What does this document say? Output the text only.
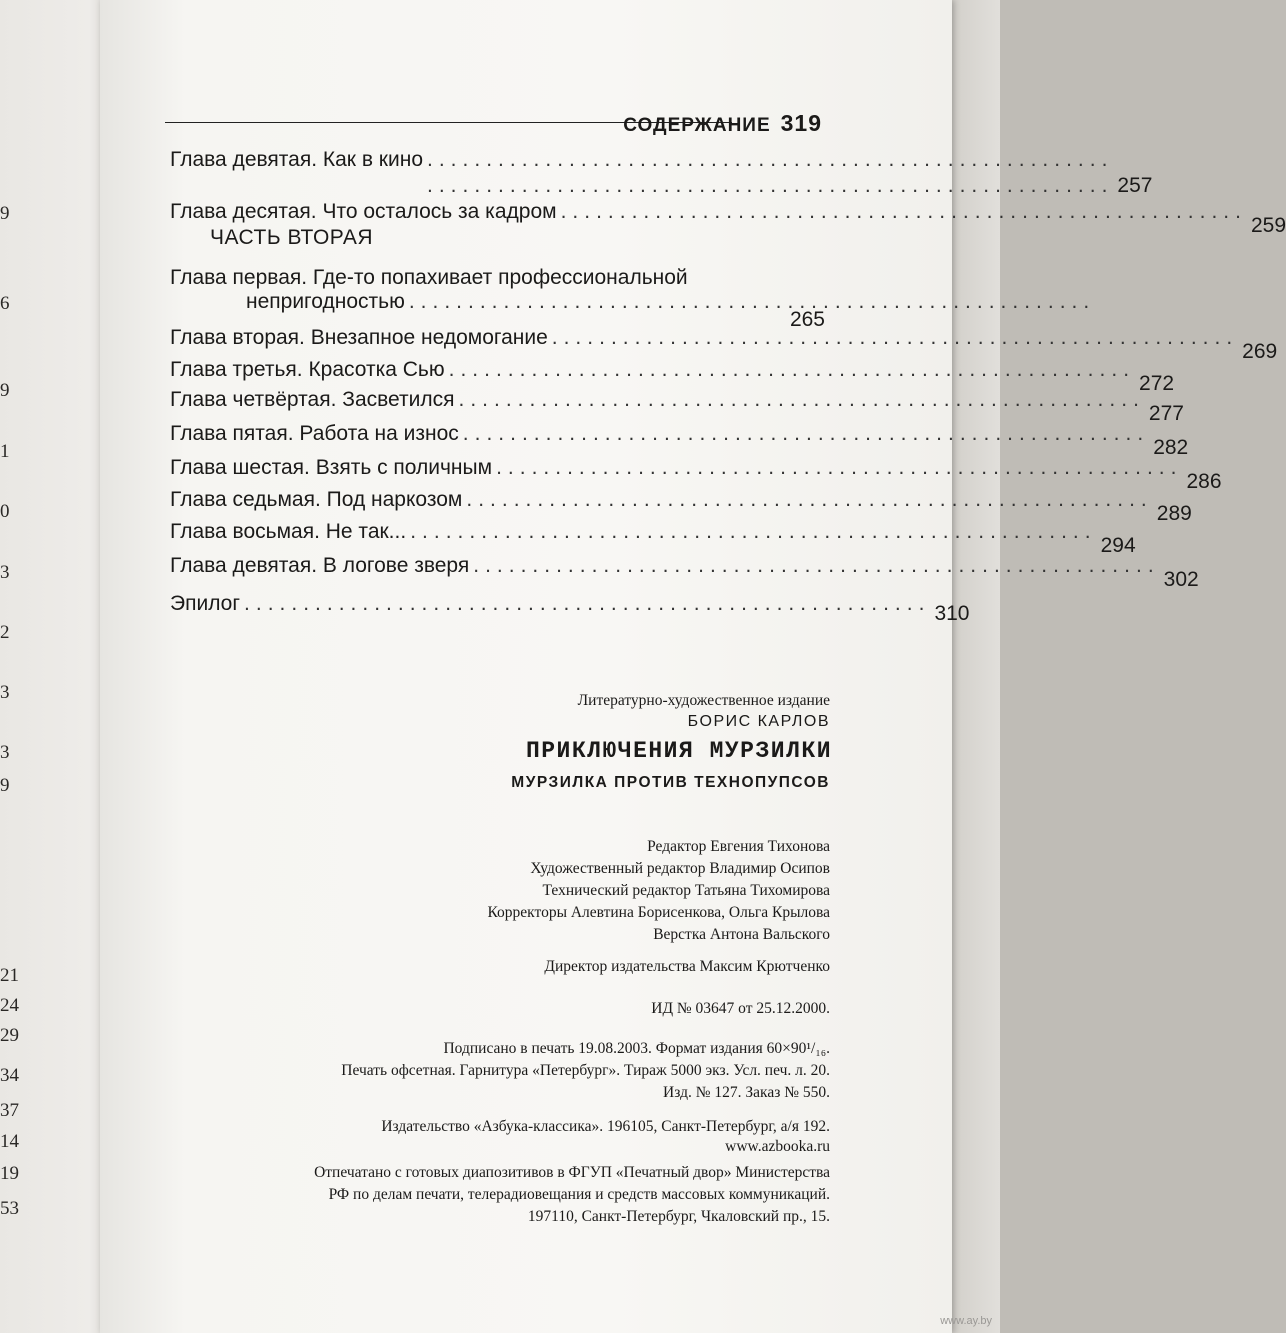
9
6
9
1
0
3
2
3
3
9
21
24
29
34
37
14
19
53
СОДЕРЖАНИЕ 319
Глава девятая. Как в кино ..........................................................
.......................................................... 257
Глава десятая. Что осталось за кадром ..........................................................
259
ЧАСТЬ ВТОРАЯ
Глава первая. Где-то попахивает профессиональной
непригодностью ..........................................................
265
Глава вторая. Внезапное недомогание ..........................................................
269
Глава третья. Красотка Сью ..........................................................
272
Глава четвёртая. Засветился ..........................................................
277
Глава пятая. Работа на износ ..........................................................
282
Глава шестая. Взять с поличным ..........................................................
286
Глава седьмая. Под наркозом ..........................................................
289
Глава восьмая. Не так... ..........................................................
294
Глава девятая. В логове зверя ..........................................................
302
Эпилог .......................................................... 310
Литературно-художественное издание
БОРИС КАРЛОВ
ПРИКЛЮЧЕНИЯ МУРЗИЛКИ
МУРЗИЛКА ПРОТИВ ТЕХНОПУПСОВ
Редактор Евгения Тихонова
Художественный редактор Владимир Осипов
Технический редактор Татьяна Тихомирова
Корректоры Алевтина Борисенкова, Ольга Крылова
Верстка Антона Вальского
Директор издательства Максим Крютченко
ИД № 03647 от 25.12.2000.
Подписано в печать 19.08.2003. Формат издания 60×90¹/₁₆.
Печать офсетная. Гарнитура «Петербург». Тираж 5000 экз. Усл. печ. л. 20.
Изд. № 127. Заказ № 550.
Издательство «Азбука-классика». 196105, Санкт-Петербург, а/я 192.
www.azbooka.ru
Отпечатано с готовых диапозитивов в ФГУП «Печатный двор» Министерства
РФ по делам печати, телерадиовещания и средств массовых коммуникаций.
197110, Санкт-Петербург, Чкаловский пр., 15.
www.ay.by
